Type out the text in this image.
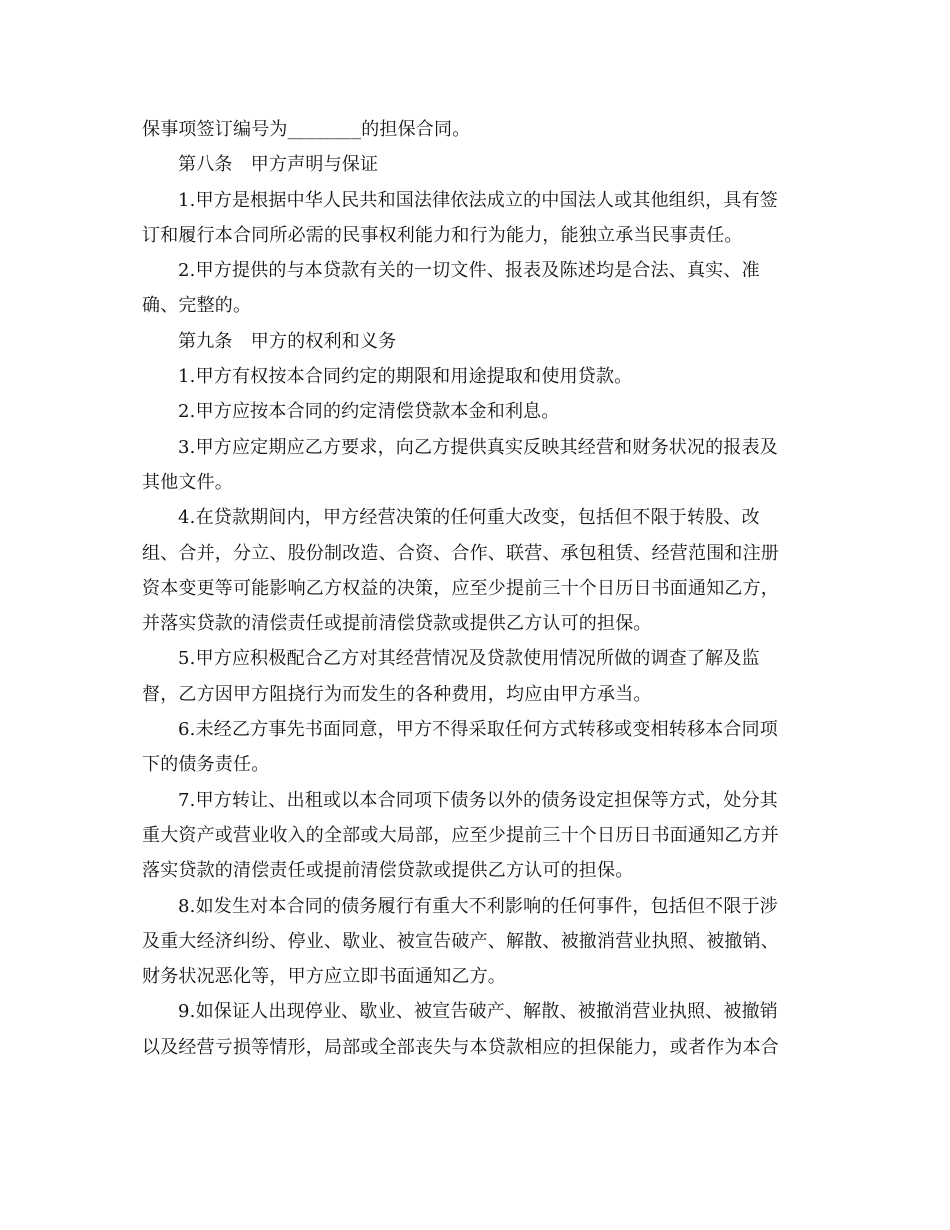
保事项签订编号为________的担保合同。
第八条　甲方声明与保证
1.甲方是根据中华人民共和国法律依法成立的中国法人或其他组织，具有签
订和履行本合同所必需的民事权利能力和行为能力，能独立承当民事责任。
2.甲方提供的与本贷款有关的一切文件、报表及陈述均是合法、真实、准
确、完整的。
第九条　甲方的权利和义务
1.甲方有权按本合同约定的期限和用途提取和使用贷款。
2.甲方应按本合同的约定清偿贷款本金和利息。
3.甲方应定期应乙方要求，向乙方提供真实反映其经营和财务状况的报表及
其他文件。
4.在贷款期间内，甲方经营决策的任何重大改变，包括但不限于转股、改
组、合并，分立、股份制改造、合资、合作、联营、承包租赁、经营范围和注册
资本变更等可能影响乙方权益的决策，应至少提前三十个日历日书面通知乙方，
并落实贷款的清偿责任或提前清偿贷款或提供乙方认可的担保。
5.甲方应积极配合乙方对其经营情况及贷款使用情况所做的调查了解及监
督，乙方因甲方阻挠行为而发生的各种费用，均应由甲方承当。
6.未经乙方事先书面同意，甲方不得采取任何方式转移或变相转移本合同项
下的债务责任。
7.甲方转让、出租或以本合同项下债务以外的债务设定担保等方式，处分其
重大资产或营业收入的全部或大局部，应至少提前三十个日历日书面通知乙方并
落实贷款的清偿责任或提前清偿贷款或提供乙方认可的担保。
8.如发生对本合同的债务履行有重大不利影响的任何事件，包括但不限于涉
及重大经济纠纷、停业、歇业、被宣告破产、解散、被撤消营业执照、被撤销、
财务状况恶化等，甲方应立即书面通知乙方。
9.如保证人出现停业、歇业、被宣告破产、解散、被撤消营业执照、被撤销
以及经营亏损等情形，局部或全部丧失与本贷款相应的担保能力，或者作为本合
